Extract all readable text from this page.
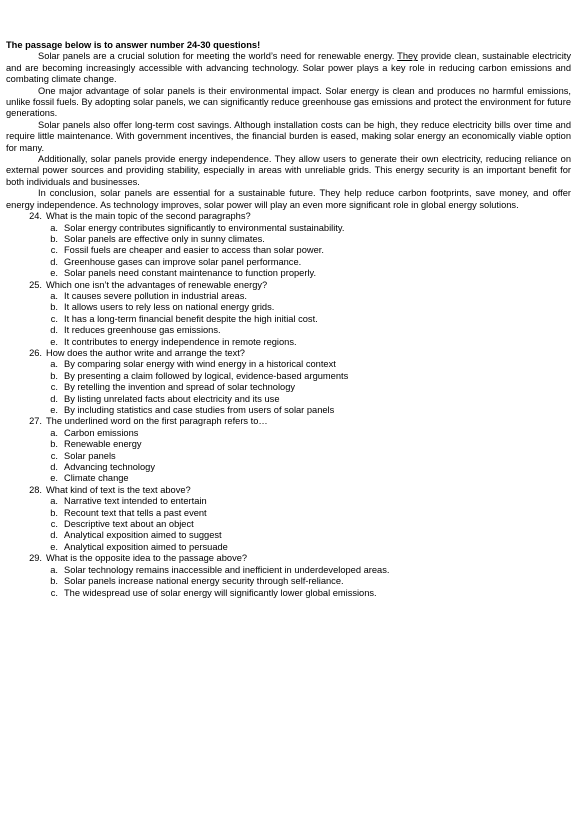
The passage below is to answer number 24-30 questions!

Solar panels are a crucial solution for meeting the world’s need for renewable energy. They provide clean, sustainable electricity and are becoming increasingly accessible with advancing technology. Solar power plays a key role in reducing carbon emissions and combating climate change.

One major advantage of solar panels is their environmental impact. Solar energy is clean and produces no harmful emissions, unlike fossil fuels. By adopting solar panels, we can significantly reduce greenhouse gas emissions and protect the environment for future generations.

Solar panels also offer long-term cost savings. Although installation costs can be high, they reduce electricity bills over time and require little maintenance. With government incentives, the financial burden is eased, making solar energy an economically viable option for many.

Additionally, solar panels provide energy independence. They allow users to generate their own electricity, reducing reliance on external power sources and providing stability, especially in areas with unreliable grids. This energy security is an important benefit for both individuals and businesses.

In conclusion, solar panels are essential for a sustainable future. They help reduce carbon footprints, save money, and offer energy independence. As technology improves, solar power will play an even more significant role in global energy solutions.

24. What is the main topic of the second paragraphs?
a. Solar energy contributes significantly to environmental sustainability.
b. Solar panels are effective only in sunny climates.
c. Fossil fuels are cheaper and easier to access than solar power.
d. Greenhouse gases can improve solar panel performance.
e. Solar panels need constant maintenance to function properly.
25. Which one isn’t the advantages of renewable energy?
a. It causes severe pollution in industrial areas.
b. It allows users to rely less on national energy grids.
c. It has a long-term financial benefit despite the high initial cost.
d. It reduces greenhouse gas emissions.
e. It contributes to energy independence in remote regions.
26. How does the author write and arrange the text?
a. By comparing solar energy with wind energy in a historical context
b. By presenting a claim followed by logical, evidence-based arguments
c. By retelling the invention and spread of solar technology
d. By listing unrelated facts about electricity and its use
e. By including statistics and case studies from users of solar panels
27. The underlined word on the first paragraph refers to…
a. Carbon emissions
b. Renewable energy
c. Solar panels
d. Advancing technology
e. Climate change
28. What kind of text is the text above?
a. Narrative text intended to entertain
b. Recount text that tells a past event
c. Descriptive text about an object
d. Analytical exposition aimed to suggest
e. Analytical exposition aimed to persuade
29. What is the opposite idea to the passage above?
a. Solar technology remains inaccessible and inefficient in underdeveloped areas.
b. Solar panels increase national energy security through self-reliance.
c. The widespread use of solar energy will significantly lower global emissions.
